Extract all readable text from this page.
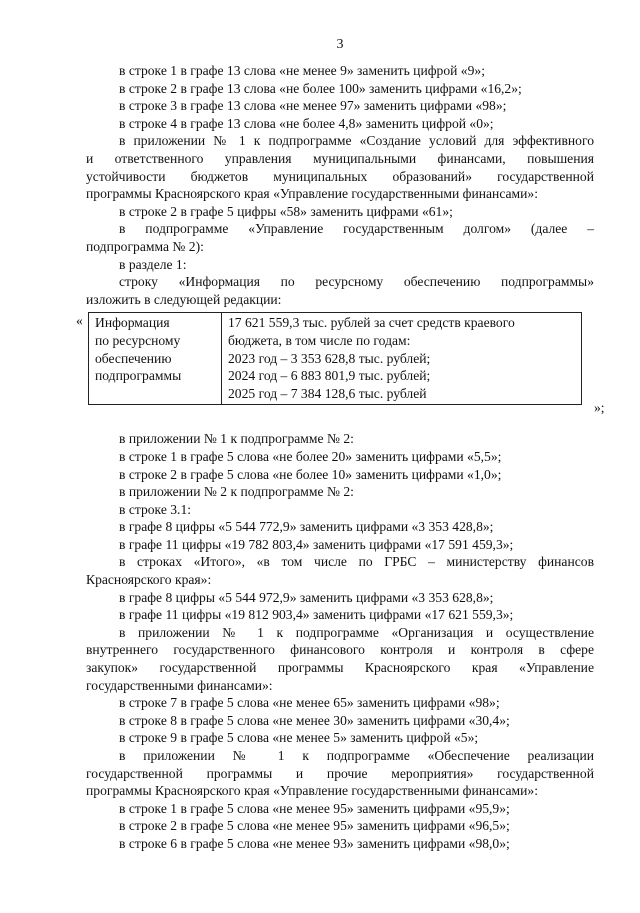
3
в строке 1 в графе 13 слова «не менее 9» заменить цифрой «9»;
в строке 2 в графе 13 слова «не более 100» заменить цифрами «16,2»;
в строке 3 в графе 13 слова «не менее 97» заменить цифрами «98»;
в строке 4 в графе 13 слова «не более 4,8» заменить цифрой «0»;
в приложении № 1 к подпрограмме «Создание условий для эффективного
и ответственного управления муниципальными финансами, повышения
устойчивости бюджетов муниципальных образований» государственной
программы Красноярского края «Управление государственными финансами»:
в строке 2 в графе 5 цифры «58» заменить цифрами «61»;
в подпрограмме «Управление государственным долгом» (далее –
подпрограмма № 2):
в разделе 1:
строку «Информация по ресурсному обеспечению подпрограммы»
изложить в следующей редакции:
« Информация
по ресурсному
обеспечению
подпрограммы

17 621 559,3 тыс. рублей за счет средств краевого
бюджета, в том числе по годам:
2023 год – 3 353 628,8 тыс. рублей;
2024 год – 6 883 801,9 тыс. рублей;
2025 год – 7 384 128,6 тыс. рублей
»;
в приложении № 1 к подпрограмме № 2:
в строке 1 в графе 5 слова «не более 20» заменить цифрами «5,5»;
в строке 2 в графе 5 слова «не более 10» заменить цифрами «1,0»;
в приложении № 2 к подпрограмме № 2:
в строке 3.1:
в графе 8 цифры «5 544 772,9» заменить цифрами «3 353 428,8»;
в графе 11 цифры «19 782 803,4» заменить цифрами «17 591 459,3»;
в строках «Итого», «в том числе по ГРБС – министерству финансов
Красноярского края»:
в графе 8 цифры «5 544 972,9» заменить цифрами «3 353 628,8»;
в графе 11 цифры «19 812 903,4» заменить цифрами «17 621 559,3»;
в приложении № 1 к подпрограмме «Организация и осуществление
внутреннего государственного финансового контроля и контроля в сфере
закупок» государственной программы Красноярского края «Управление
государственными финансами»:
в строке 7 в графе 5 слова «не менее 65» заменить цифрами «98»;
в строке 8 в графе 5 слова «не менее 30» заменить цифрами «30,4»;
в строке 9 в графе 5 слова «не менее 5» заменить цифрой «5»;
в приложении № 1 к подпрограмме «Обеспечение реализации
государственной программы и прочие мероприятия» государственной
программы Красноярского края «Управление государственными финансами»:
в строке 1 в графе 5 слова «не менее 95» заменить цифрами «95,9»;
в строке 2 в графе 5 слова «не менее 95» заменить цифрами «96,5»;
в строке 6 в графе 5 слова «не менее 93» заменить цифрами «98,0»;
